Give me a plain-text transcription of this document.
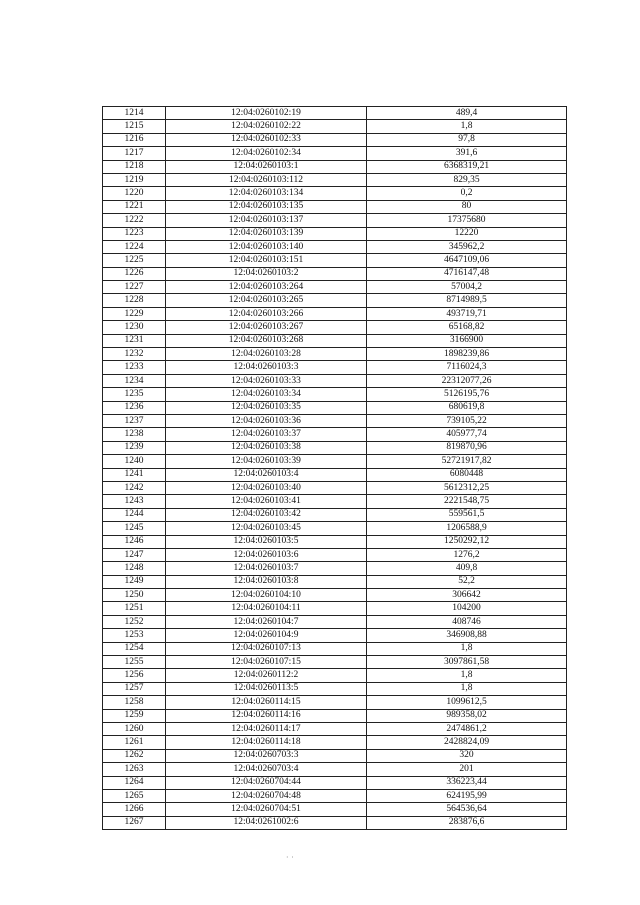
1214	12:04:0260102:19	489,4
1215	12:04:0260102:22	1,8
1216	12:04:0260102:33	97,8
1217	12:04:0260102:34	391,6
1218	12:04:0260103:1	6368319,21
1219	12:04:0260103:112	829,35
1220	12:04:0260103:134	0,2
1221	12:04:0260103:135	80
1222	12:04:0260103:137	17375680
1223	12:04:0260103:139	12220
1224	12:04:0260103:140	345962,2
1225	12:04:0260103:151	4647109,06
1226	12:04:0260103:2	4716147,48
1227	12:04:0260103:264	57004,2
1228	12:04:0260103:265	8714989,5
1229	12:04:0260103:266	493719,71
1230	12:04:0260103:267	65168,82
1231	12:04:0260103:268	3166900
1232	12:04:0260103:28	1898239,86
1233	12:04:0260103:3	7116024,3
1234	12:04:0260103:33	22312077,26
1235	12:04:0260103:34	5126195,76
1236	12:04:0260103:35	680619,8
1237	12:04:0260103:36	739105,22
1238	12:04:0260103:37	405977,74
1239	12:04:0260103:38	819870,96
1240	12:04:0260103:39	52721917,82
1241	12:04:0260103:4	6080448
1242	12:04:0260103:40	5612312,25
1243	12:04:0260103:41	2221548,75
1244	12:04:0260103:42	559561,5
1245	12:04:0260103:45	1206588,9
1246	12:04:0260103:5	1250292,12
1247	12:04:0260103:6	1276,2
1248	12:04:0260103:7	409,8
1249	12:04:0260103:8	52,2
1250	12:04:0260104:10	306642
1251	12:04:0260104:11	104200
1252	12:04:0260104:7	408746
1253	12:04:0260104:9	346908,88
1254	12:04:0260107:13	1,8
1255	12:04:0260107:15	3097861,58
1256	12:04:0260112:2	1,8
1257	12:04:0260113:5	1,8
1258	12:04:0260114:15	1099612,5
1259	12:04:0260114:16	989358,02
1260	12:04:0260114:17	2474861,2
1261	12:04:0260114:18	2428824,09
1262	12:04:0260703:3	320
1263	12:04:0260703:4	201
1264	12:04:0260704:44	336223,44
1265	12:04:0260704:48	624195,99
1266	12:04:0260704:51	564536,64
1267	12:04:0261002:6	283876,6
· ·
